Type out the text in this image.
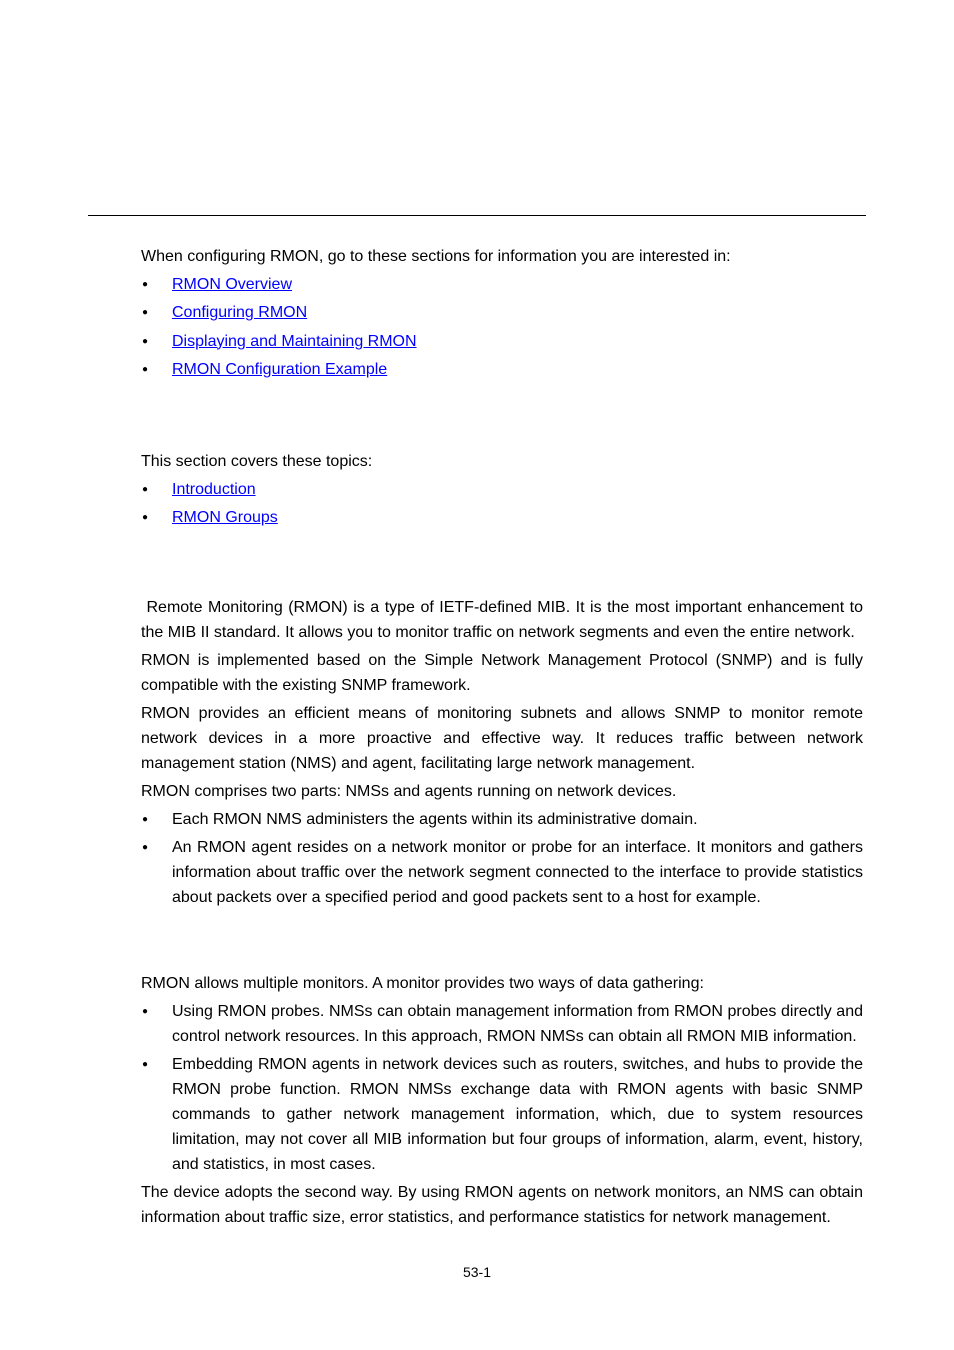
When configuring RMON, go to these sections for information you are interested in:

● RMON Overview
● Configuring RMON
● Displaying and Maintaining RMON
● RMON Configuration Example

This section covers these topics:

● Introduction
● RMON Groups

Remote Monitoring (RMON) is a type of IETF-defined MIB. It is the most important enhancement to the MIB II standard. It allows you to monitor traffic on network segments and even the entire network.

RMON is implemented based on the Simple Network Management Protocol (SNMP) and is fully compatible with the existing SNMP framework.

RMON provides an efficient means of monitoring subnets and allows SNMP to monitor remote network devices in a more proactive and effective way. It reduces traffic between network management station (NMS) and agent, facilitating large network management.

RMON comprises two parts: NMSs and agents running on network devices.

● Each RMON NMS administers the agents within its administrative domain.
● An RMON agent resides on a network monitor or probe for an interface. It monitors and gathers information about traffic over the network segment connected to the interface to provide statistics about packets over a specified period and good packets sent to a host for example.

RMON allows multiple monitors. A monitor provides two ways of data gathering:

● Using RMON probes. NMSs can obtain management information from RMON probes directly and control network resources. In this approach, RMON NMSs can obtain all RMON MIB information.
● Embedding RMON agents in network devices such as routers, switches, and hubs to provide the RMON probe function. RMON NMSs exchange data with RMON agents with basic SNMP commands to gather network management information, which, due to system resources limitation, may not cover all MIB information but four groups of information, alarm, event, history, and statistics, in most cases.

The device adopts the second way. By using RMON agents on network monitors, an NMS can obtain information about traffic size, error statistics, and performance statistics for network management.

53-1
